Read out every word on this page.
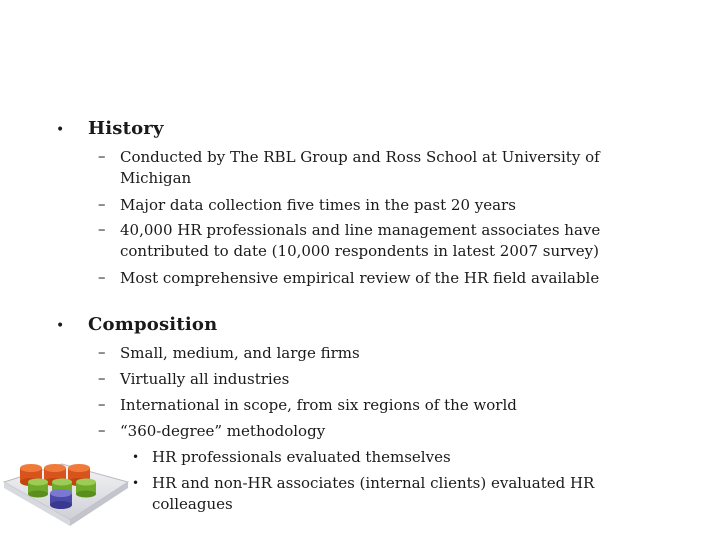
• History
– Conducted by The RBL Group and Ross School at University of
Michigan
– Major data collection five times in the past 20 years
– 40,000 HR professionals and line management associates have
contributed to date (10,000 respondents in latest 2007 survey)
– Most comprehensive empirical review of the HR field available
• Composition
– Small, medium, and large firms
– Virtually all industries
– International in scope, from six regions of the world
– “360-degree” methodology
• HR professionals evaluated themselves
• HR and non-HR associates (internal clients) evaluated HR
colleagues
